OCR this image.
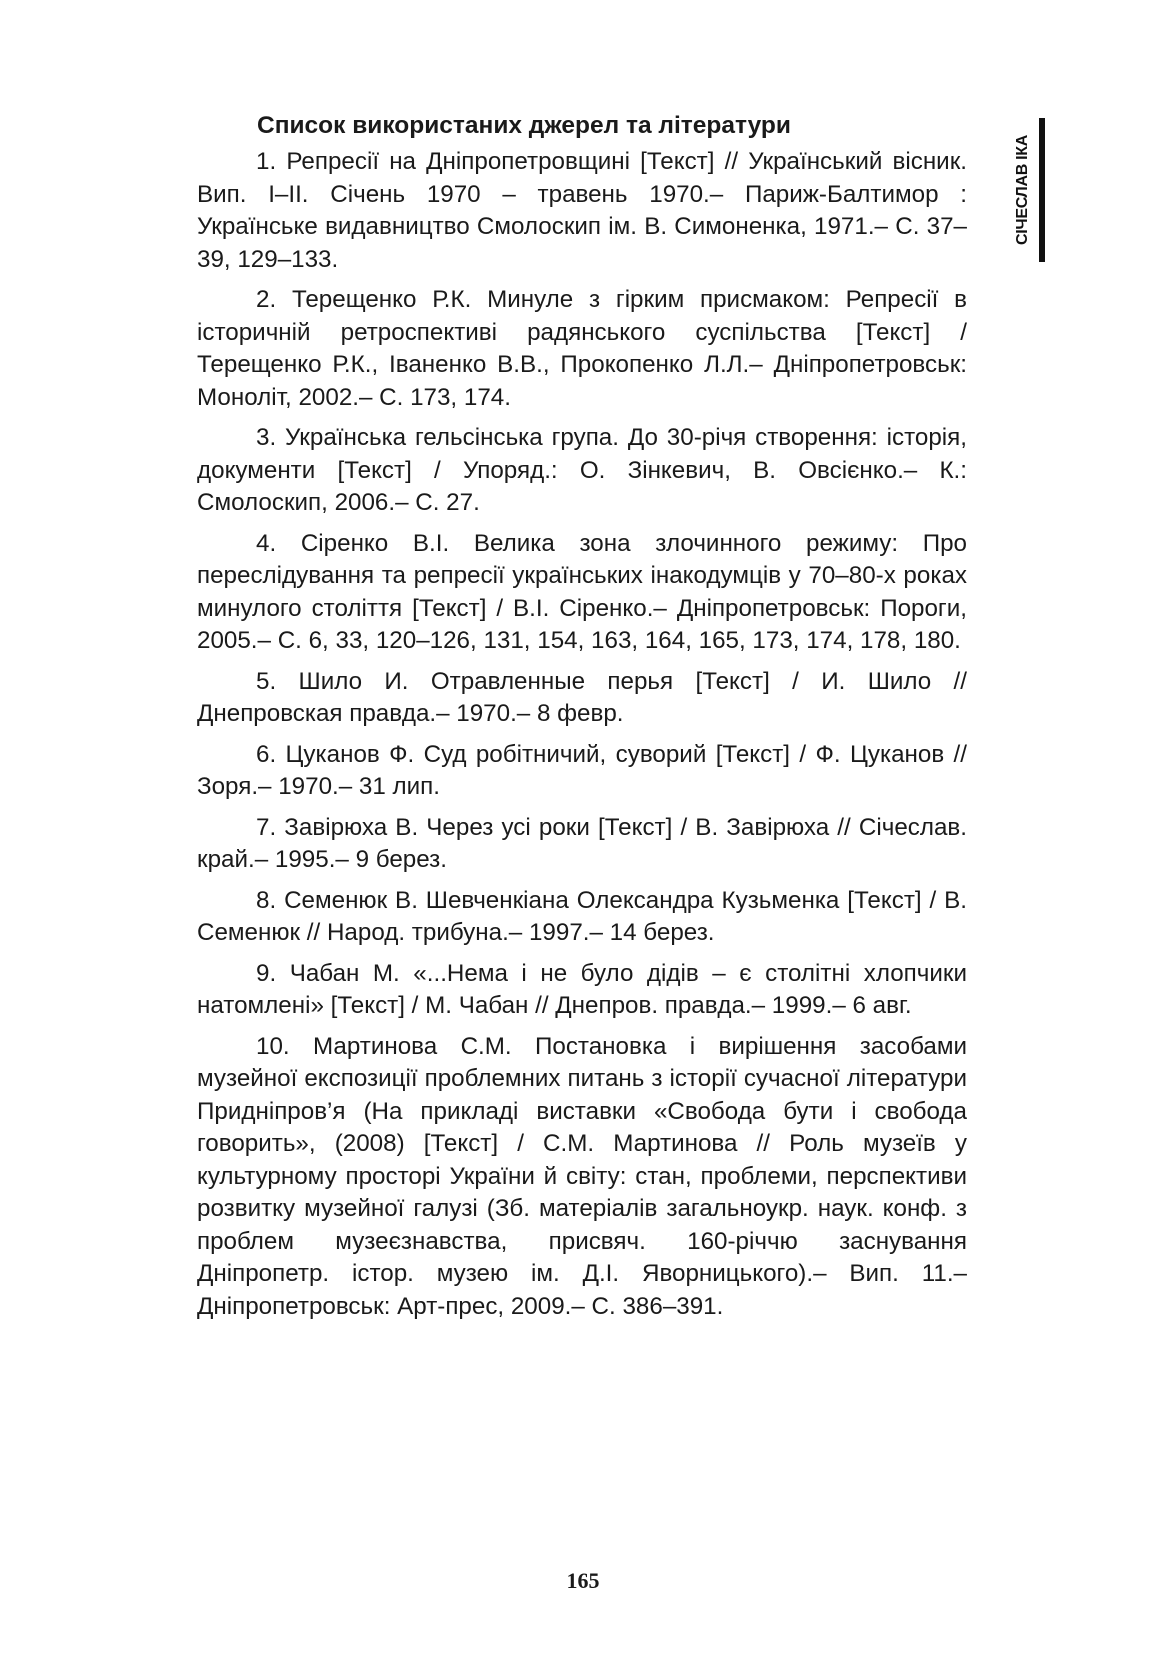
СІЧЕСЛАВ ІКА
Список використаних джерел та літератури

1. Репресії на Дніпропетровщині [Текст] // Український вісник. Вип. I–II. Січень 1970 – травень 1970.– Париж-Балтимор : Українське видавництво Смолоскип ім. В. Симоненка, 1971.– С. 37–39, 129–133.

2. Терещенко Р.К. Минуле з гірким присмаком: Репресії в історичній ретроспективі радянського суспільства [Текст] / Терещенко Р.К., Іваненко В.В., Прокопенко Л.Л.– Дніпропетровськ: Моноліт, 2002.– С. 173, 174.

3. Українська гельсінська група. До 30-річя створення: історія, документи [Текст] / Упоряд.: О. Зінкевич, В. Овсієнко.– К.: Смолоскип, 2006.– С. 27.

4. Сіренко В.І. Велика зона злочинного режиму: Про переслідування та репресії українських інакодумців у 70–80-х роках минулого століття [Текст] / В.І. Сіренко.– Дніпропетровськ: Пороги, 2005.– С. 6, 33, 120–126, 131, 154, 163, 164, 165, 173, 174, 178, 180.

5. Шило И. Отравленные перья [Текст] / И. Шило // Днепровская правда.– 1970.– 8 февр.

6. Цуканов Ф. Суд робітничий, суворий [Текст] / Ф. Цуканов // Зоря.– 1970.– 31 лип.

7. Завірюха В. Через усі роки [Текст] / В. Завірюха // Січеслав. край.– 1995.– 9 берез.

8. Семенюк В. Шевченкіана Олександра Кузьменка [Текст] / В. Семенюк // Народ. трибуна.– 1997.– 14 берез.

9. Чабан М. «...Нема і не було дідів – є столітні хлопчики натомлені» [Текст] / М. Чабан // Днепров. правда.– 1999.– 6 авг.

10. Мартинова С.М. Постановка і вирішення засобами музейної експозиції проблемних питань з історії сучасної літератури Придніпров’я (На прикладі виставки «Свобода бути і свобода говорить», (2008) [Текст] / С.М. Мартинова // Роль музеїв у культурному просторі України й світу: стан, проблеми, перспективи розвитку музейної галузі (Зб. матеріалів загальноукр. наук. конф. з проблем музеєзнавства, присвяч. 160-річчю заснування Дніпропетр. істор. музею ім. Д.І. Яворницького).– Вип. 11.– Дніпропетровськ: Арт-прес, 2009.– С. 386–391.

165
